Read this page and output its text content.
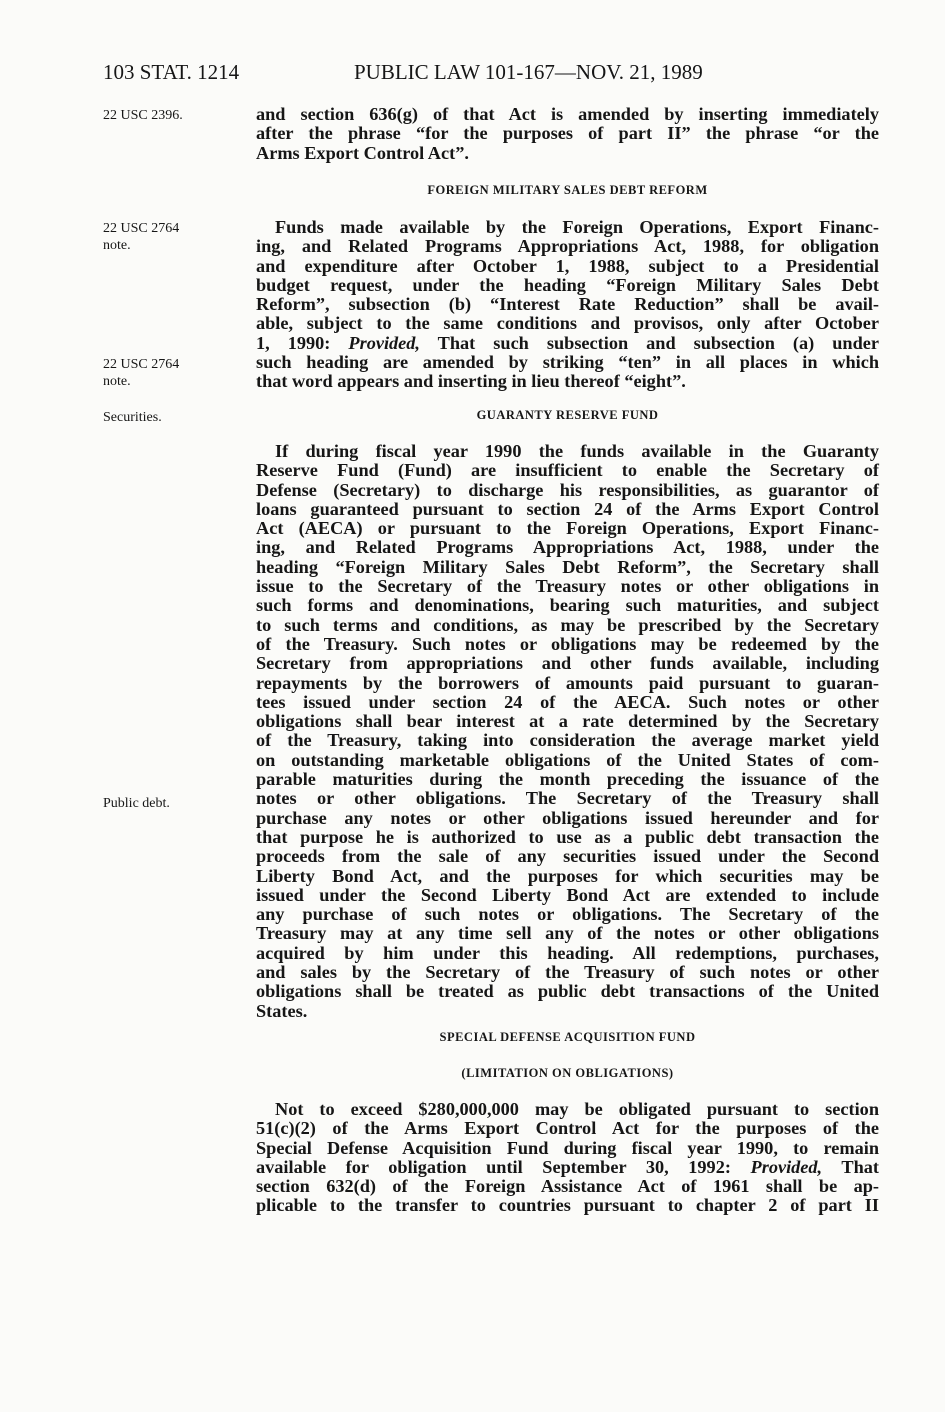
103 STAT. 1214	PUBLIC LAW 101-167—NOV. 21, 1989
22 USC 2396.
22 USC 2764
note.
22 USC 2764
note.
Securities.
Public debt.
and section 636(g) of that Act is amended by inserting immediately
after the phrase “for the purposes of part II” the phrase “or the
Arms Export Control Act”.
FOREIGN MILITARY SALES DEBT REFORM
Funds made available by the Foreign Operations, Export Financ-
ing, and Related Programs Appropriations Act, 1988, for obligation
and expenditure after October 1, 1988, subject to a Presidential
budget request, under the heading “Foreign Military Sales Debt
Reform”, subsection (b) “Interest Rate Reduction” shall be avail-
able, subject to the same conditions and provisos, only after October
1, 1990: Provided, That such subsection and subsection (a) under
such heading are amended by striking “ten” in all places in which
that word appears and inserting in lieu thereof “eight”.
GUARANTY RESERVE FUND
If during fiscal year 1990 the funds available in the Guaranty
Reserve Fund (Fund) are insufficient to enable the Secretary of
Defense (Secretary) to discharge his responsibilities, as guarantor of
loans guaranteed pursuant to section 24 of the Arms Export Control
Act (AECA) or pursuant to the Foreign Operations, Export Financ-
ing, and Related Programs Appropriations Act, 1988, under the
heading “Foreign Military Sales Debt Reform”, the Secretary shall
issue to the Secretary of the Treasury notes or other obligations in
such forms and denominations, bearing such maturities, and subject
to such terms and conditions, as may be prescribed by the Secretary
of the Treasury. Such notes or obligations may be redeemed by the
Secretary from appropriations and other funds available, including
repayments by the borrowers of amounts paid pursuant to guaran-
tees issued under section 24 of the AECA. Such notes or other
obligations shall bear interest at a rate determined by the Secretary
of the Treasury, taking into consideration the average market yield
on outstanding marketable obligations of the United States of com-
parable maturities during the month preceding the issuance of the
notes or other obligations. The Secretary of the Treasury shall
purchase any notes or other obligations issued hereunder and for
that purpose he is authorized to use as a public debt transaction the
proceeds from the sale of any securities issued under the Second
Liberty Bond Act, and the purposes for which securities may be
issued under the Second Liberty Bond Act are extended to include
any purchase of such notes or obligations. The Secretary of the
Treasury may at any time sell any of the notes or other obligations
acquired by him under this heading. All redemptions, purchases,
and sales by the Secretary of the Treasury of such notes or other
obligations shall be treated as public debt transactions of the United
States.
SPECIAL DEFENSE ACQUISITION FUND
(LIMITATION ON OBLIGATIONS)
Not to exceed $280,000,000 may be obligated pursuant to section
51(c)(2) of the Arms Export Control Act for the purposes of the
Special Defense Acquisition Fund during fiscal year 1990, to remain
available for obligation until September 30, 1992: Provided, That
section 632(d) of the Foreign Assistance Act of 1961 shall be ap-
plicable to the transfer to countries pursuant to chapter 2 of part II
